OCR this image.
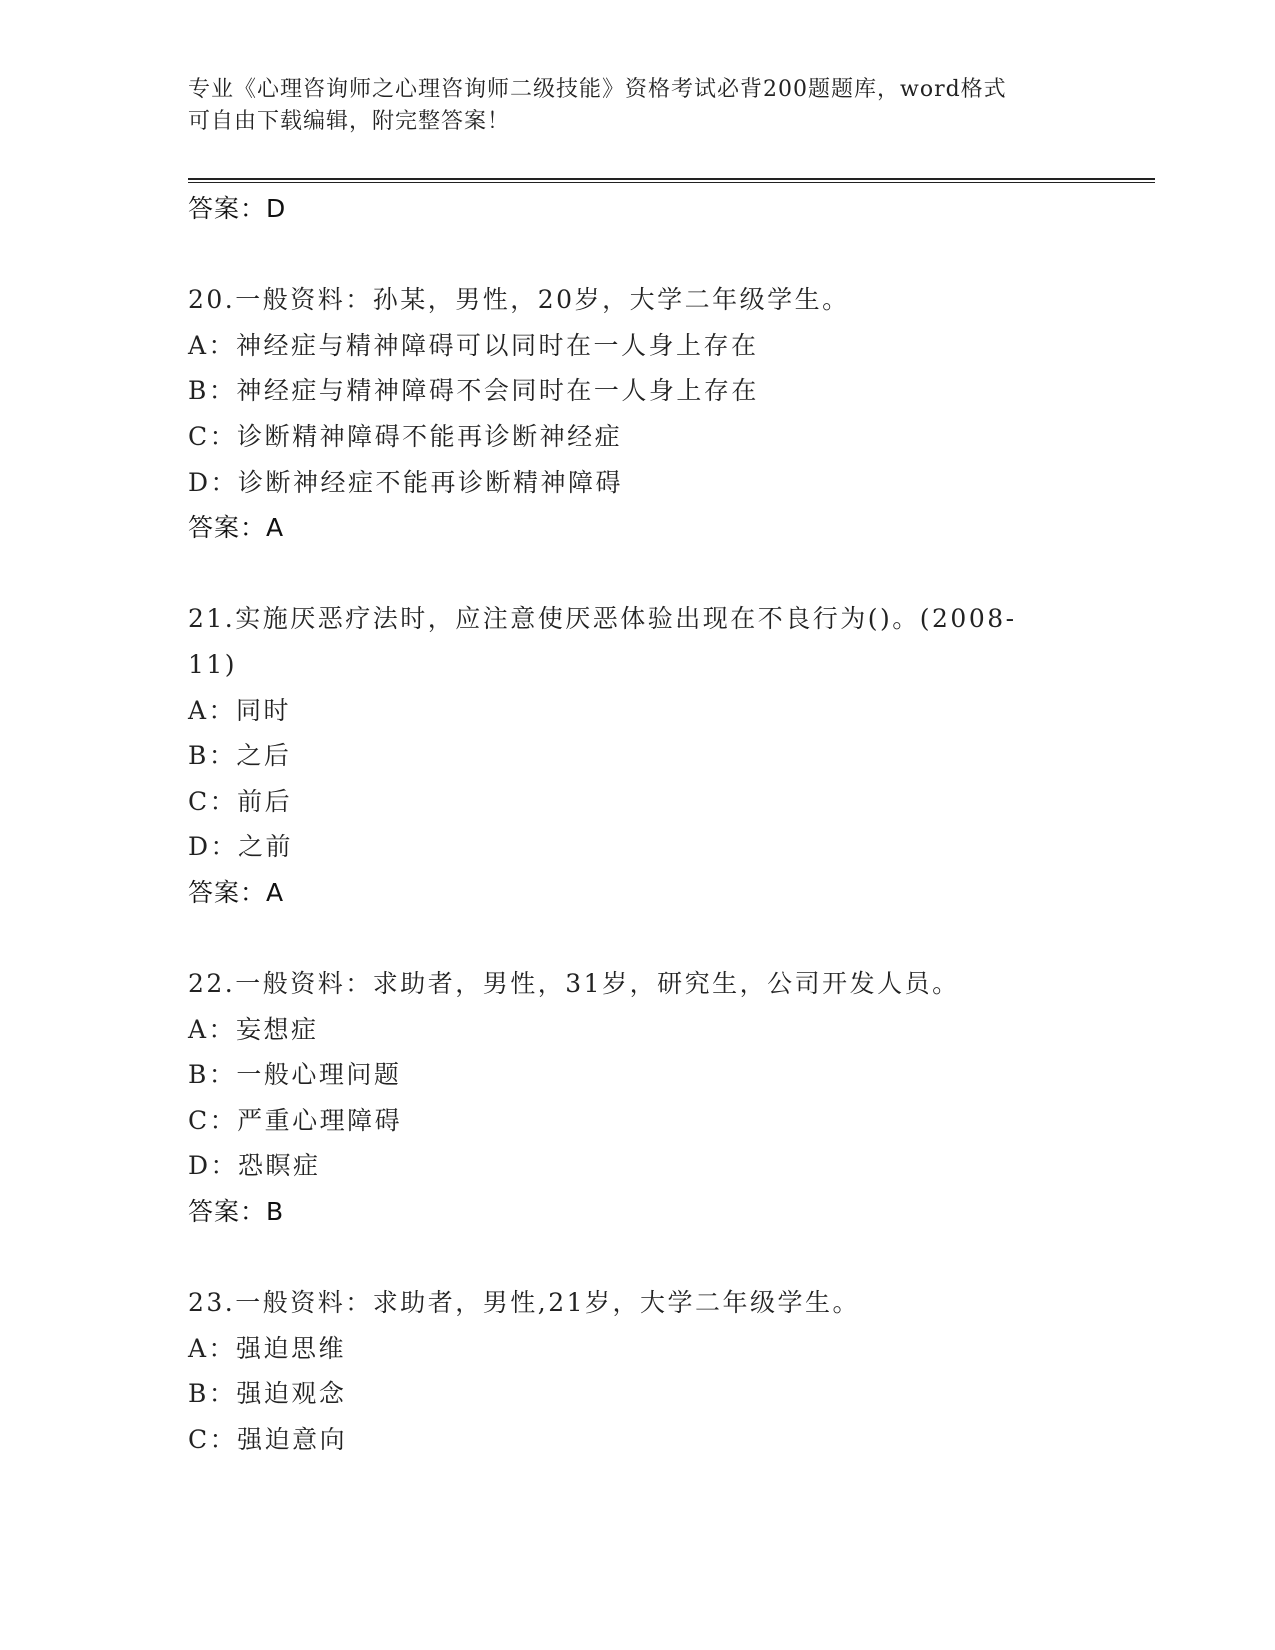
专业《心理咨询师之心理咨询师二级技能》资格考试必背200题题库，word格式
可自由下载编辑，附完整答案！
答案：D
20.一般资料：孙某，男性，20岁，大学二年级学生。
A：神经症与精神障碍可以同时在一人身上存在
B：神经症与精神障碍不会同时在一人身上存在
C：诊断精神障碍不能再诊断神经症
D：诊断神经症不能再诊断精神障碍
答案：A
21.实施厌恶疗法时，应注意使厌恶体验出现在不良行为()。(2008-
11)
A：同时
B：之后
C：前后
D：之前
答案：A
22.一般资料：求助者，男性，31岁，研究生，公司开发人员。
A：妄想症
B：一般心理问题
C：严重心理障碍
D：恐瞑症
答案：B
23.一般资料：求助者，男性,21岁，大学二年级学生。
A：强迫思维
B：强迫观念
C：强迫意向
